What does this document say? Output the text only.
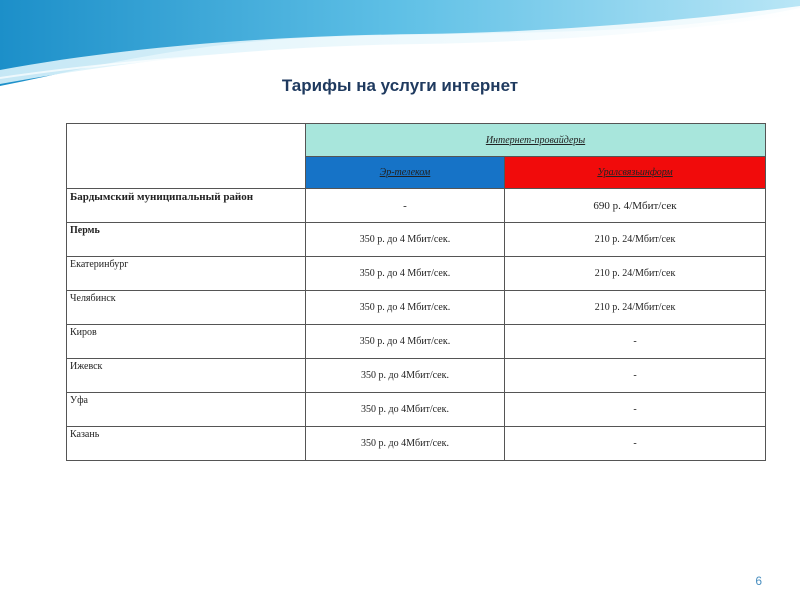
Тарифы на услуги интернет
	Интернет-провайдеры	
	Эр-телеком	Уралсвязьинформ
Бардымский муниципальный район	-	690 р. 4/Мбит/сек
Пермь	350 р. до 4 Мбит/сек.	210 р. 24/Мбит/сек
Екатеринбург	350 р. до 4 Мбит/сек.	210 р. 24/Мбит/сек
Челябинск	350 р. до 4 Мбит/сек.	210 р. 24/Мбит/сек
Киров	350 р. до 4 Мбит/сек.	-
Ижевск	350 р. до 4Мбит/сек.	-
Уфа	350 р. до 4Мбит/сек.	-
Казань	350 р. до 4Мбит/сек.	-
6
